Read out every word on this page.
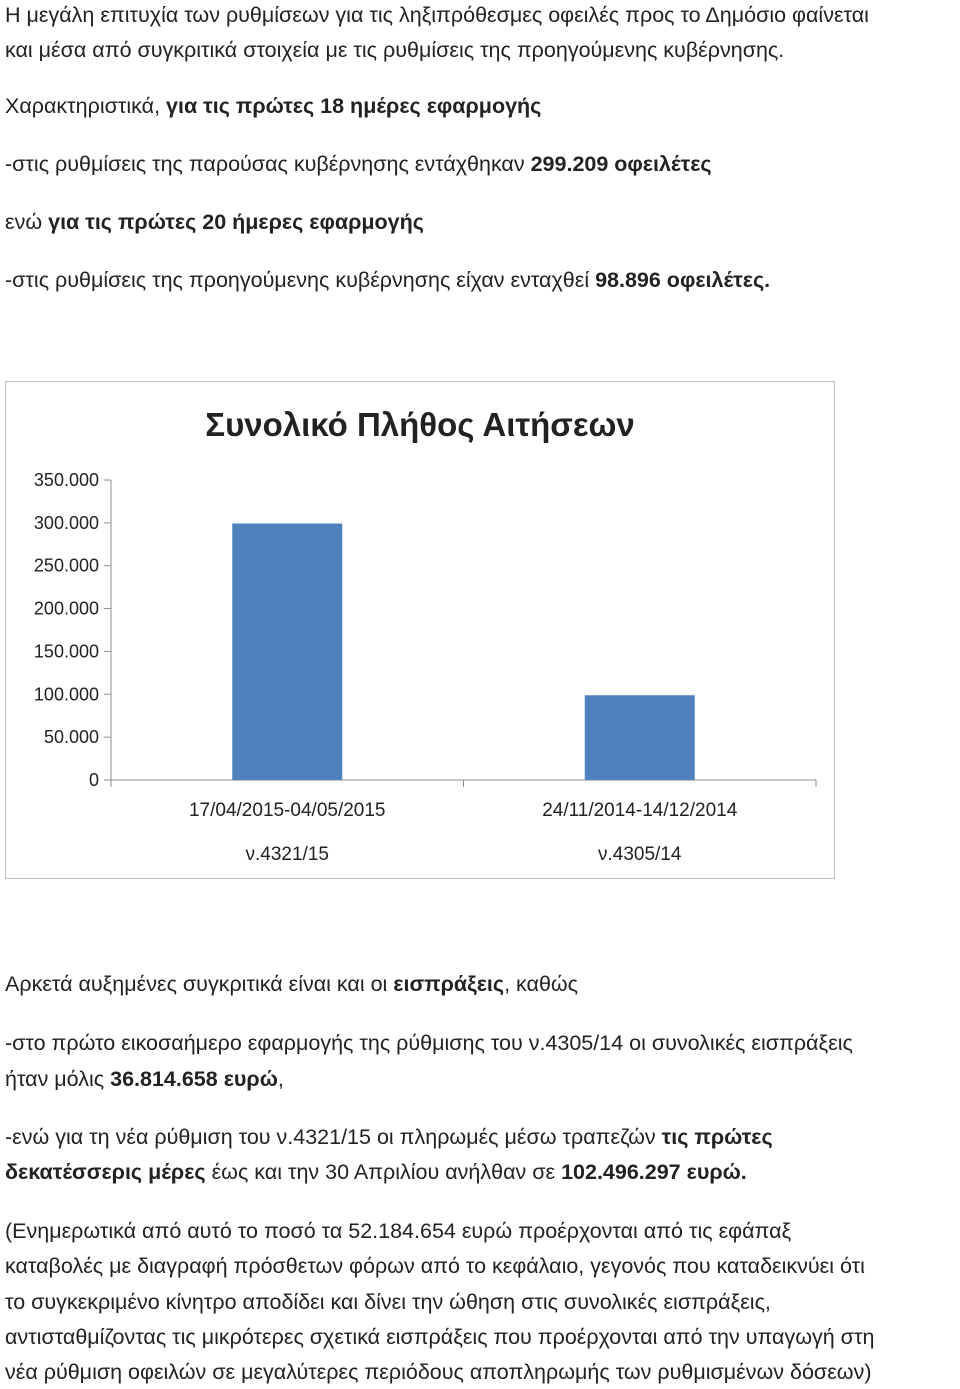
Η μεγάλη επιτυχία των ρυθμίσεων για τις ληξιπρόθεσμες οφειλές προς το Δημόσιο φαίνεται
και μέσα από συγκριτικά στοιχεία με τις ρυθμίσεις της προηγούμενης κυβέρνησης.
Χαρακτηριστικά, για τις πρώτες 18 ημέρες εφαρμογής
-στις ρυθμίσεις της παρούσας κυβέρνησης εντάχθηκαν 299.209 οφειλέτες
ενώ για τις πρώτες 20 ήμερες εφαρμογής
-στις ρυθμίσεις της προηγούμενης κυβέρνησης είχαν ενταχθεί 98.896 οφειλέτες.
Συνολικό Πλήθος Αιτήσεων
0
50.000
100.000
150.000
200.000
250.000
300.000
350.000
17/04/2015-04/05/2015
ν.4321/15
24/11/2014-14/12/2014
ν.4305/14
Αρκετά αυξημένες συγκριτικά είναι και οι εισπράξεις, καθώς
-στο πρώτο εικοσαήμερο εφαρμογής της ρύθμισης του ν.4305/14 οι συνολικές εισπράξεις
ήταν μόλις 36.814.658 ευρώ,
-ενώ για τη νέα ρύθμιση του ν.4321/15 οι πληρωμές μέσω τραπεζών τις πρώτες
δεκατέσσερις μέρες έως και την 30 Απριλίου ανήλθαν σε 102.496.297 ευρώ.
(Ενημερωτικά από αυτό το ποσό τα 52.184.654 ευρώ προέρχονται από τις εφάπαξ
καταβολές με διαγραφή πρόσθετων φόρων από το κεφάλαιο, γεγονός που καταδεικνύει ότι
το συγκεκριμένο κίνητρο αποδίδει και δίνει την ώθηση στις συνολικές εισπράξεις,
αντισταθμίζοντας τις μικρότερες σχετικά εισπράξεις που προέρχονται από την υπαγωγή στη
νέα ρύθμιση οφειλών σε μεγαλύτερες περιόδους αποπληρωμής των ρυθμισμένων δόσεων)
